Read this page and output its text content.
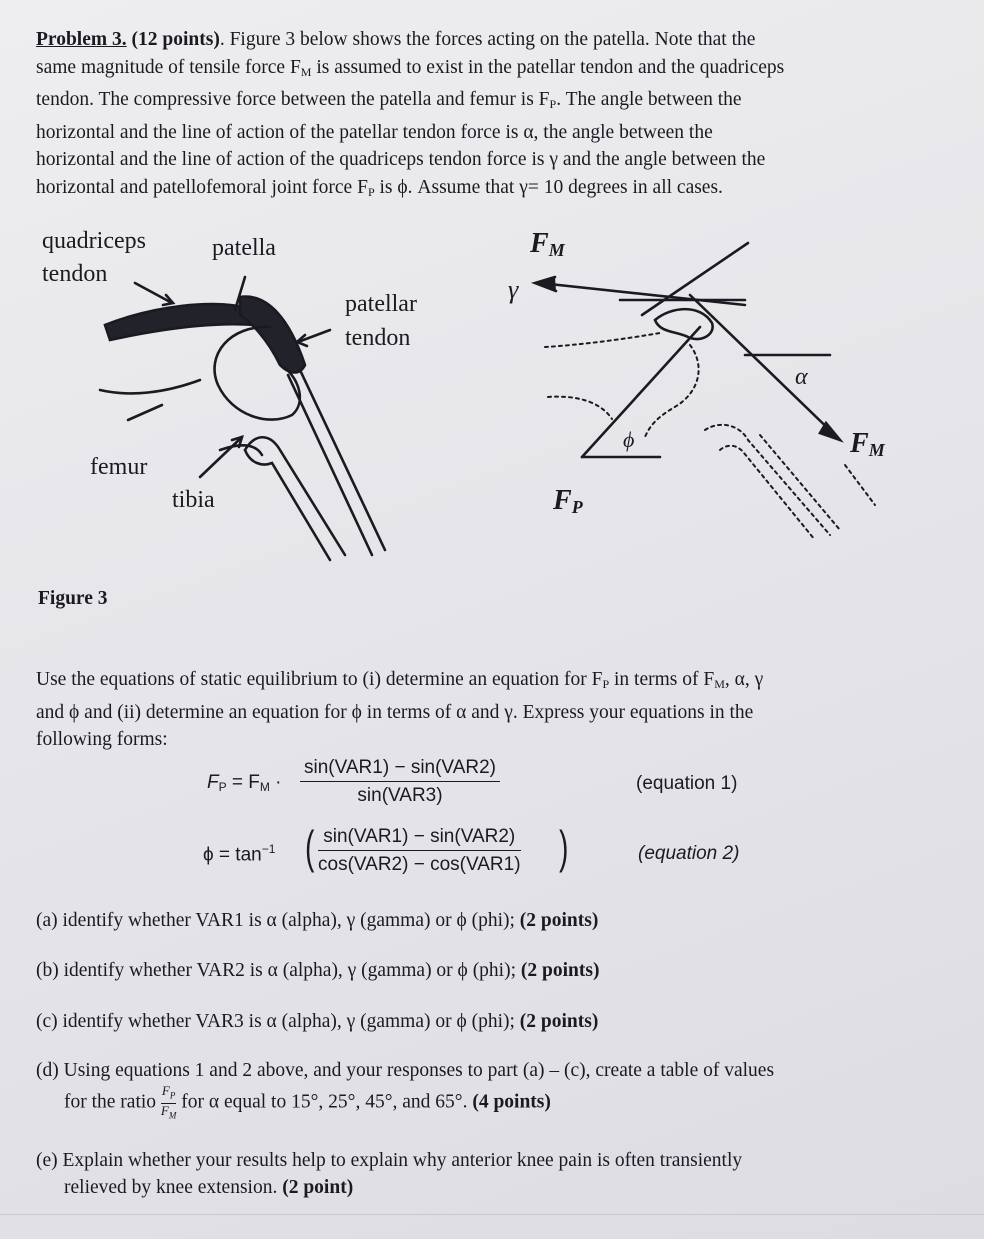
Problem 3. (12 points). Figure 3 below shows the forces acting on the patella. Note that the
same magnitude of tensile force $F_M$ is assumed to exist in the patellar tendon and the quadriceps
tendon. The compressive force between the patella and femur is $F_P$. The angle between the
horizontal and the line of action of the patellar tendon force is α, the angle between the
horizontal and the line of action of the quadriceps tendon force is γ and the angle between the
horizontal and patellofemoral joint force $F_P$ is ϕ. Assume that γ= 10 degrees in all cases.
quadriceps
tendon
patella
patellar
tendon
femur
tibia
FM
γ
α
FM
ϕ
FP
Figure 3
Use the equations of static equilibrium to (i) determine an equation for $F_P$ in terms of $F_M$, α, γ
and ϕ and (ii) determine an equation for ϕ in terms of α and γ. Express your equations in the
following forms:
$F_P = F_M$ ·
sin(VAR1) − sin(VAR2)
sin(VAR3)
(equation 1)
$\phi = \tan^{-1}$ ( sin(VAR1) − sin(VAR2)
cos(VAR2) − cos(VAR1) )	(equation 2)
(a) identify whether VAR1 is α (alpha), γ (gamma) or ϕ (phi); (2 points)
(b) identify whether VAR2 is α (alpha), γ (gamma) or ϕ (phi); (2 points)
(c) identify whether VAR3 is α (alpha), γ (gamma) or ϕ (phi); (2 points)
(d) Using equations 1 and 2 above, and your responses to part (a) – (c), create a table of values
for the ratio $\frac{F_P}{F_M}$ for α equal to 15°, 25°, 45°, and 65°. (4 points)
(e) Explain whether your results help to explain why anterior knee pain is often transiently
relieved by knee extension. (2 point)
